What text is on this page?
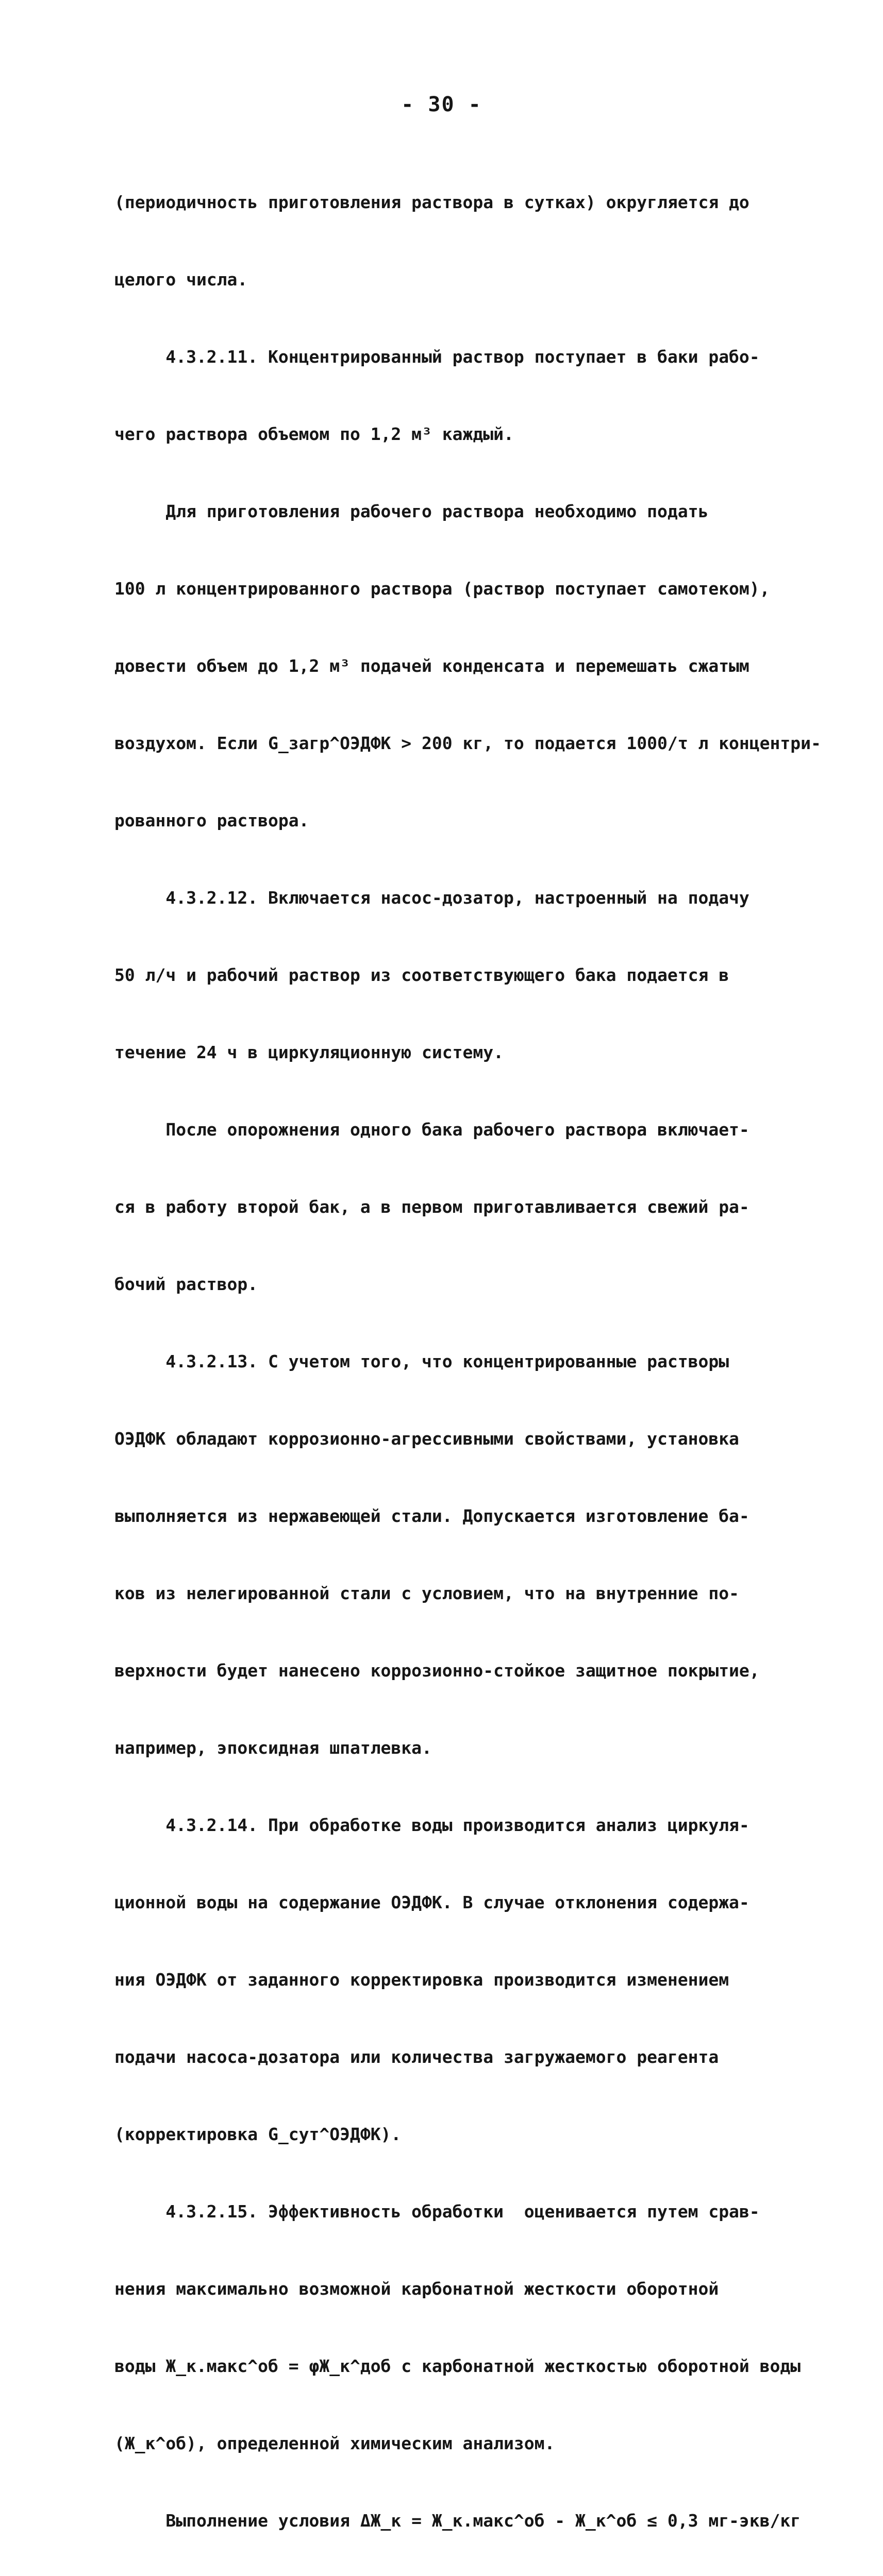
- 30 -

(периодичность приготовления раствора в сутках) округляется до

целого числа.

4.3.2.11. Концентрированный раствор поступает в баки рабо-

чего раствора объемом по 1,2 м³ каждый.

Для приготовления рабочего раствора необходимо подать

100 л концентрированного раствора (раствор поступает самотеком),

довести объем до 1,2 м³ подачей конденсата и перемешать сжатым

воздухом. Если G_загр^ОЭДФК > 200 кг, то подается 1000/τ л концентри-

рованного раствора.

4.3.2.12. Включается насос-дозатор, настроенный на подачу

50 л/ч и рабочий раствор из соответствующего бака подается в

течение 24 ч в циркуляционную систему.

После опорожнения одного бака рабочего раствора включает-

ся в работу второй бак, а в первом приготавливается свежий ра-

бочий раствор.

4.3.2.13. С учетом того, что концентрированные растворы

ОЭДФК обладают коррозионно-агрессивными свойствами, установка

выполняется из нержавеющей стали. Допускается изготовление ба-

ков из нелегированной стали с условием, что на внутренние по-

верхности будет нанесено коррозионно-стойкое защитное покрытие,

например, эпоксидная шпатлевка.

4.3.2.14. При обработке воды производится анализ циркуля-

ционной воды на содержание ОЭДФК. В случае отклонения содержа-

ния ОЭДФК от заданного корректировка производится изменением

подачи насоса-дозатора или количества загружаемого реагента

(корректировка G_сут^ОЭДФК).

4.3.2.15. Эффективность обработки  оценивается путем срав-

нения максимально возможной карбонатной жесткости оборотной

воды Ж_к.макс^об = φЖ_к^доб с карбонатной жесткостью оборотной воды

(Ж_к^об), определенной химическим анализом.

Выполнение условия ΔЖ_к = Ж_к.макс^об - Ж_к^об ≤ 0,3 мг-экв/кг
